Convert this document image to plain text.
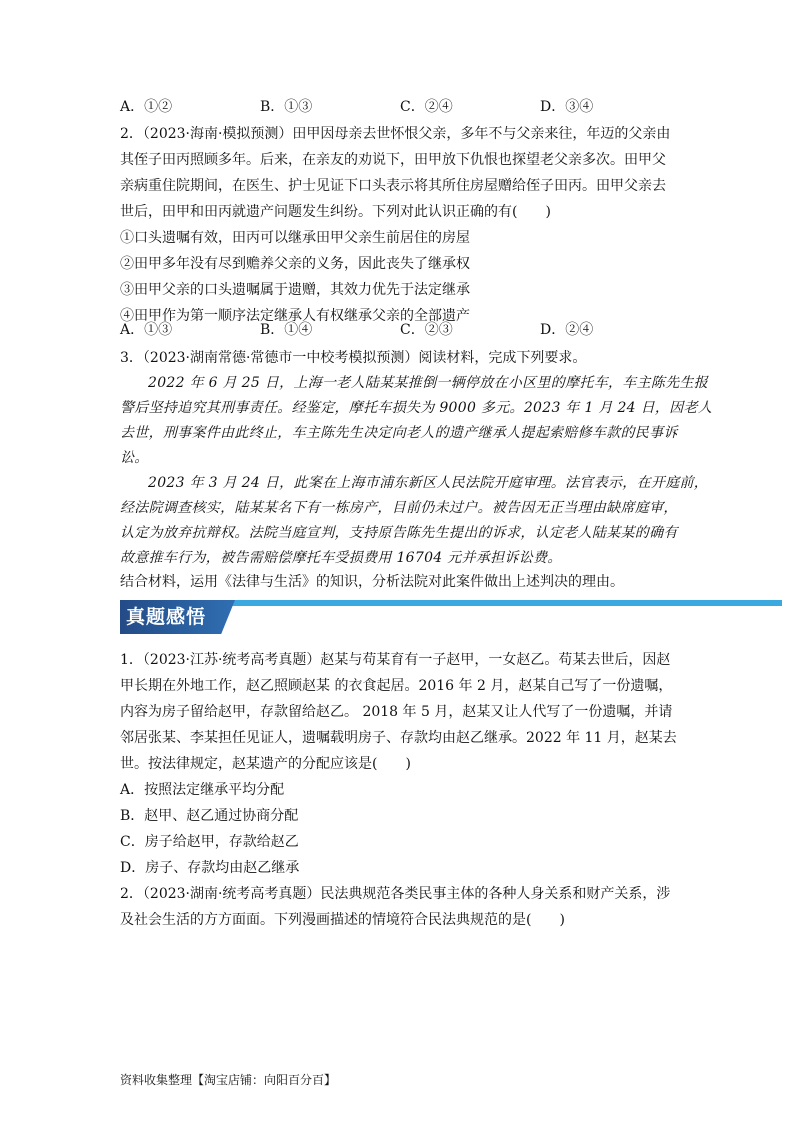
A．①②	B．①③	C．②④	D．③④
2．（2023·海南·模拟预测）田甲因母亲去世怀恨父亲，多年不与父亲来往，年迈的父亲由
其侄子田丙照顾多年。后来，在亲友的劝说下，田甲放下仇恨也探望老父亲多次。田甲父
亲病重住院期间，在医生、护士见证下口头表示将其所住房屋赠给侄子田丙。田甲父亲去
世后，田甲和田丙就遗产问题发生纠纷。下列对此认识正确的有(　　)
①口头遗嘱有效，田丙可以继承田甲父亲生前居住的房屋
②田甲多年没有尽到赡养父亲的义务，因此丧失了继承权
③田甲父亲的口头遗嘱属于遗赠，其效力优先于法定继承
④田甲作为第一顺序法定继承人有权继承父亲的全部遗产
A．①③	B．①④	C．②③	D．②④
3．（2023·湖南常德·常德市一中校考模拟预测）阅读材料，完成下列要求。
2022 年 6 月 25 日，上海一老人陆某某推倒一辆停放在小区里的摩托车，车主陈先生报
警后坚持追究其刑事责任。经鉴定，摩托车损失为 9000 多元。2023 年 1 月 24 日，因老人
去世，刑事案件由此终止，车主陈先生决定向老人的遗产继承人提起索赔修车款的民事诉
讼。
2023 年 3 月 24 日，此案在上海市浦东新区人民法院开庭审理。法官表示，在开庭前，
经法院调查核实，陆某某名下有一栋房产，目前仍未过户。被告因无正当理由缺席庭审，
认定为放弃抗辩权。法院当庭宣判，支持原告陈先生提出的诉求，认定老人陆某某的确有
故意推车行为，被告需赔偿摩托车受损费用 16704 元并承担诉讼费。
结合材料，运用《法律与生活》的知识，分析法院对此案件做出上述判决的理由。
真题感悟
1．（2023·江苏·统考高考真题）赵某与苟某育有一子赵甲，一女赵乙。苟某去世后，因赵
甲长期在外地工作，赵乙照顾赵某 的衣食起居。2016 年 2 月，赵某自己写了一份遗嘱，
内容为房子留给赵甲，存款留给赵乙。 2018 年 5 月，赵某又让人代写了一份遗嘱，并请
邻居张某、李某担任见证人，遗嘱载明房子、存款均由赵乙继承。2022 年 11 月，赵某去
世。按法律规定，赵某遗产的分配应该是(　　)
A．按照法定继承平均分配
B．赵甲、赵乙通过协商分配
C．房子给赵甲，存款给赵乙
D．房子、存款均由赵乙继承
2．（2023·湖南·统考高考真题）民法典规范各类民事主体的各种人身关系和财产关系，涉
及社会生活的方方面面。下列漫画描述的情境符合民法典规范的是(　　)
资料收集整理【淘宝店铺：向阳百分百】
